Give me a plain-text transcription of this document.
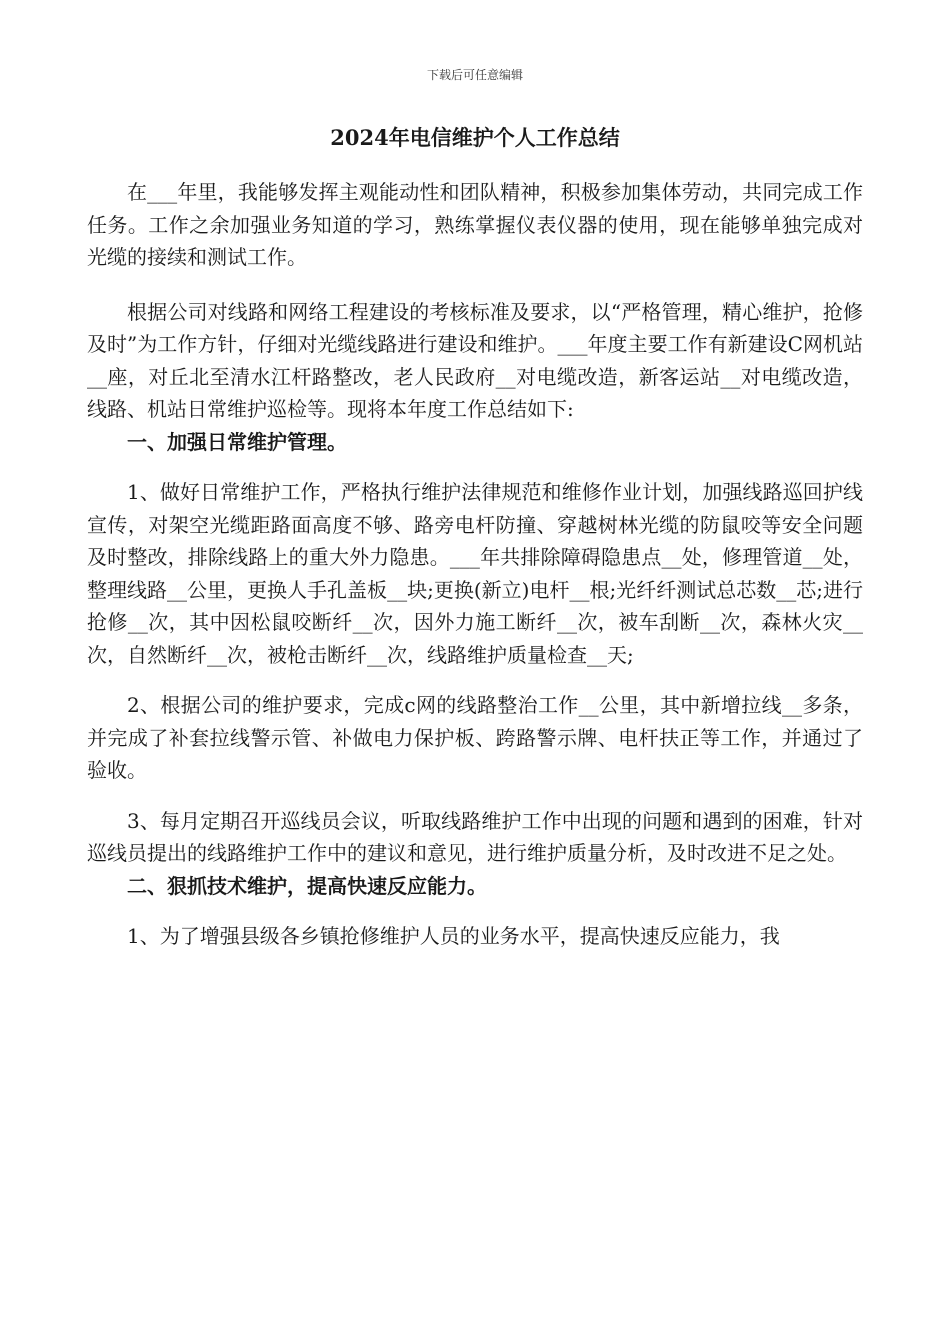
下载后可任意编辑
2024年电信维护个人工作总结

在___年里，我能够发挥主观能动性和团队精神，积极参加集体劳动，共同完成工作任务。工作之余加强业务知道的学习，熟练掌握仪表仪器的使用，现在能够单独完成对光缆的接续和测试工作。

根据公司对线路和网络工程建设的考核标准及要求，以“严格管理，精心维护，抢修及时”为工作方针，仔细对光缆线路进行建设和维护。___年度主要工作有新建设C网机站__座，对丘北至清水江杆路整改，老人民政府__对电缆改造，新客运站__对电缆改造，线路、机站日常维护巡检等。现将本年度工作总结如下:

一、加强日常维护管理。

1、做好日常维护工作，严格执行维护法律规范和维修作业计划，加强线路巡回护线宣传，对架空光缆距路面高度不够、路旁电杆防撞、穿越树林光缆的防鼠咬等安全问题及时整改，排除线路上的重大外力隐患。___年共排除障碍隐患点__处，修理管道__处，整理线路__公里，更换人手孔盖板__块;更换(新立)电杆__根;光纤纤测试总芯数__芯;进行抢修__次，其中因松鼠咬断纤__次，因外力施工断纤__次，被车刮断__次，森林火灾__次，自然断纤__次，被枪击断纤__次，线路维护质量检查__天;

2、根据公司的维护要求，完成c网的线路整治工作__公里，其中新增拉线__多条，并完成了补套拉线警示管、补做电力保护板、跨路警示牌、电杆扶正等工作，并通过了验收。

3、每月定期召开巡线员会议，听取线路维护工作中出现的问题和遇到的困难，针对巡线员提出的线路维护工作中的建议和意见，进行维护质量分析，及时改进不足之处。

二、狠抓技术维护，提高快速反应能力。

1、为了增强县级各乡镇抢修维护人员的业务水平，提高快速反应能力，我
